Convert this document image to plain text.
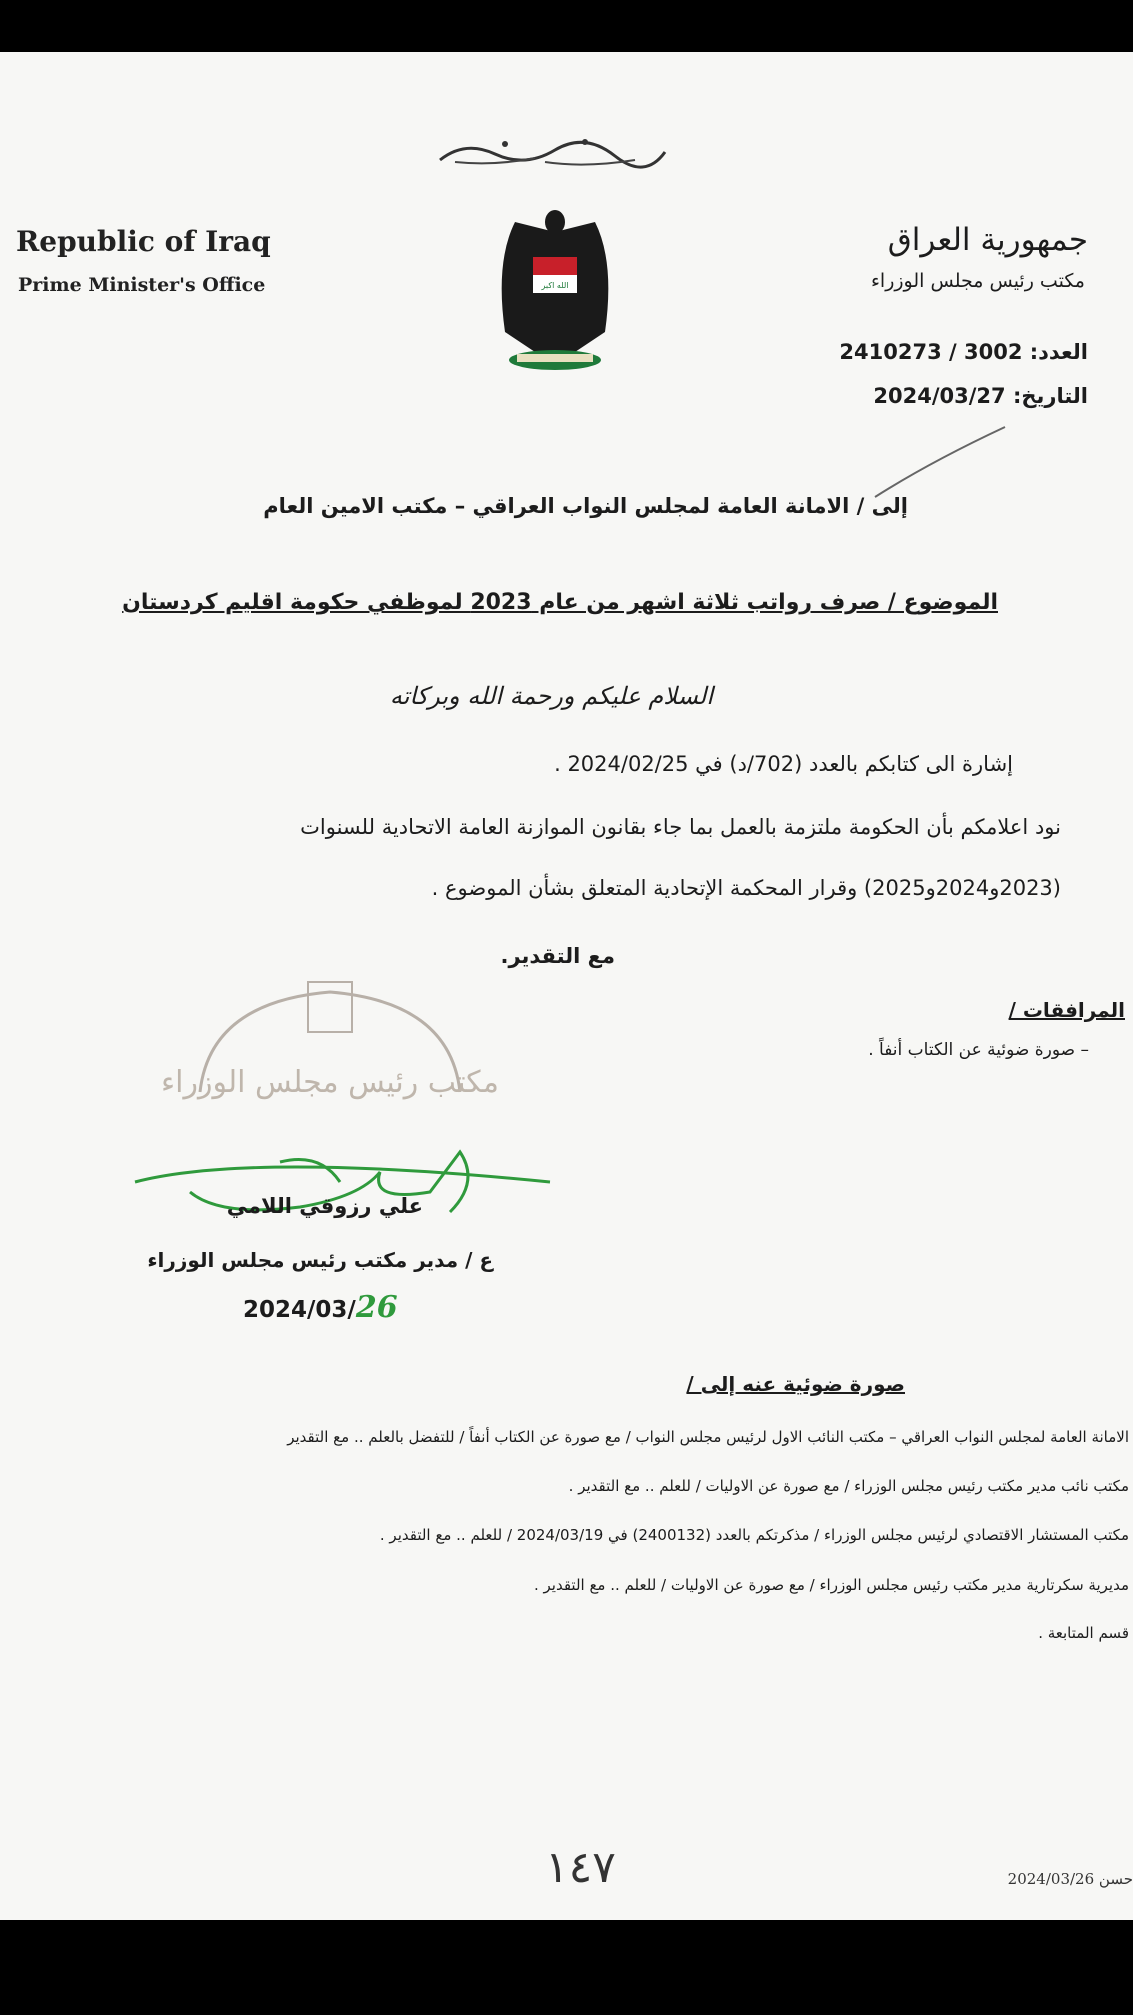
Republic of Iraq
Prime Minister's Office	الله اكبر
جمهورية العراق
مكتب رئيس مجلس الوزراء
العدد: 2410273 / 3002
التاريخ: 2024/03/27
إلى / الامانة العامة لمجلس النواب العراقي – مكتب الامين العام
الموضوع / صرف رواتب ثلاثة اشهر من عام 2023 لموظفي حكومة اقليم كردستان
السلام عليكم ورحمة الله وبركاته
إشارة الى كتابكم بالعدد (702/د) في 2024/02/25 .
نود اعلامكم بأن الحكومة ملتزمة بالعمل بما جاء بقانون الموازنة العامة الاتحادية للسنوات
(2023و2024و2025) وقرار المحكمة الإتحادية المتعلق بشأن الموضوع .
مع التقدير.
المرافقات /
– صورة ضوئية عن الكتاب أنفاً .
مكتب رئيس مجلس الوزراء
علي رزوقي اللامي
ع / مدير مكتب رئيس مجلس الوزراء
2024/03/26
صورة ضوئية عنه إلى /
الامانة العامة لمجلس النواب العراقي – مكتب النائب الاول لرئيس مجلس النواب / مع صورة عن الكتاب أنفاً / للتفضل بالعلم .. مع التقدير
مكتب نائب مدير مكتب رئيس مجلس الوزراء / مع صورة عن الاوليات / للعلم .. مع التقدير .
مكتب المستشار الاقتصادي لرئيس مجلس الوزراء / مذكرتكم بالعدد (2400132) في 2024/03/19 / للعلم .. مع التقدير .
مديرية سكرتارية مدير مكتب رئيس مجلس الوزراء / مع صورة عن الاوليات / للعلم .. مع التقدير .
قسم المتابعة .
١٤٧	2024/03/26 حسن
